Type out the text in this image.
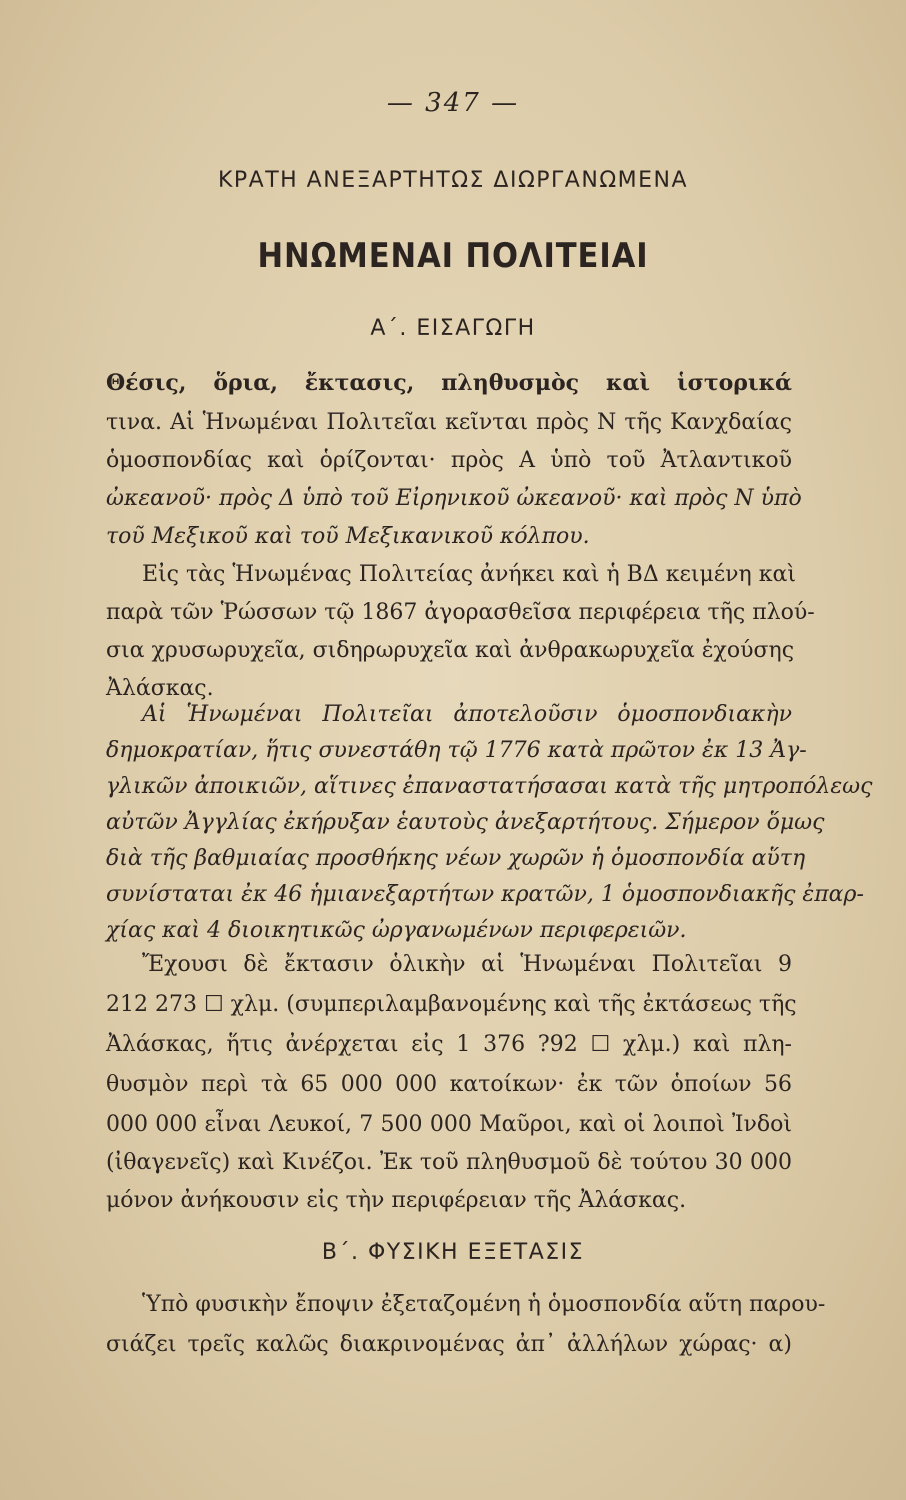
— 347 —
ΚΡΑΤΗ ΑΝΕΞΑΡΤΗΤΩΣ ΔΙΩΡΓΑΝΩΜΕΝΑ
ΗΝΩΜΕΝΑΙ ΠΟΛΙΤΕΙΑΙ
Α΄. ΕΙΣΑΓΩΓΗ
Θέσις, ὅρια, ἔκτασις, πληθυσμὸς καὶ ἱστορικά
τινα. Αἱ Ἡνωμέναι Πολιτεῖαι κεῖνται πρὸς Ν τῆς Κανχδαίας
ὁμοσπονδίας καὶ ὁρίζονται· πρὸς Α ὑπὸ τοῦ Ἀτλαντικοῦ
ὠκεανοῦ· πρὸς Δ ὑπὸ τοῦ Εἰρηνικοῦ ὠκεανοῦ· καὶ πρὸς Ν ὑπὸ
τοῦ Μεξικοῦ καὶ τοῦ Μεξικανικοῦ κόλπου.
Εἰς τὰς Ἡνωμένας Πολιτείας ἀνήκει καὶ ἡ ΒΔ κειμένη καὶ
παρὰ τῶν Ῥώσσων τῷ 1867 ἀγορασθεῖσα περιφέρεια τῆς πλού-
σια χρυσωρυχεῖα, σιδηρωρυχεῖα καὶ ἀνθρακωρυχεῖα ἐχούσης
Ἀλάσκας.
Αἱ Ἡνωμέναι Πολιτεῖαι ἀποτελοῦσιν ὁμοσπονδιακὴν
δημοκρατίαν, ἥτις συνεστάθη τῷ 1776 κατὰ πρῶτον ἐκ 13 Ἀγ-
γλικῶν ἀποικιῶν, αἵτινες ἐπαναστατήσασαι κατὰ τῆς μητροπόλεως
αὐτῶν Ἀγγλίας ἐκήρυξαν ἑαυτοὺς ἀνεξαρτήτους. Σήμερον ὅμως
διὰ τῆς βαθμιαίας προσθήκης νέων χωρῶν ἡ ὁμοσπονδία αὕτη
συνίσταται ἐκ 46 ἡμιανεξαρτήτων κρατῶν, 1 ὁμοσπονδιακῆς ἐπαρ-
χίας καὶ 4 διοικητικῶς ὠργανωμένων περιφερειῶν.
Ἔχουσι δὲ ἔκτασιν ὁλικὴν αἱ Ἡνωμέναι Πολιτεῖαι 9
212 273 ☐ χλμ. (συμπεριλαμβανομένης καὶ τῆς ἐκτάσεως τῆς
Ἀλάσκας, ἥτις ἀνέρχεται εἰς 1 376 ?92 ☐ χλμ.) καὶ πλη-
θυσμὸν περὶ τὰ 65 000 000 κατοίκων· ἐκ τῶν ὁποίων 56
000 000 εἶναι Λευκοί, 7 500 000 Μαῦροι, καὶ οἱ λοιποὶ Ἰνδοὶ
(ἰθαγενεῖς) καὶ Κινέζοι. Ἐκ τοῦ πληθυσμοῦ δὲ τούτου 30 000
Β΄. ΦΥΣΙΚΗ ΕΞΕΤΑΣΙΣ
Ὑπὸ φυσικὴν ἔποψιν ἐξεταζομένη ἡ ὁμοσπονδία αὕτη παρου-
σιάζει τρεῖς καλῶς διακρινομένας ἀπ᾽ ἀλλήλων χώρας· α)
μόνον ἀνήκουσιν εἰς τὴν περιφέρειαν τῆς Ἀλάσκας.
